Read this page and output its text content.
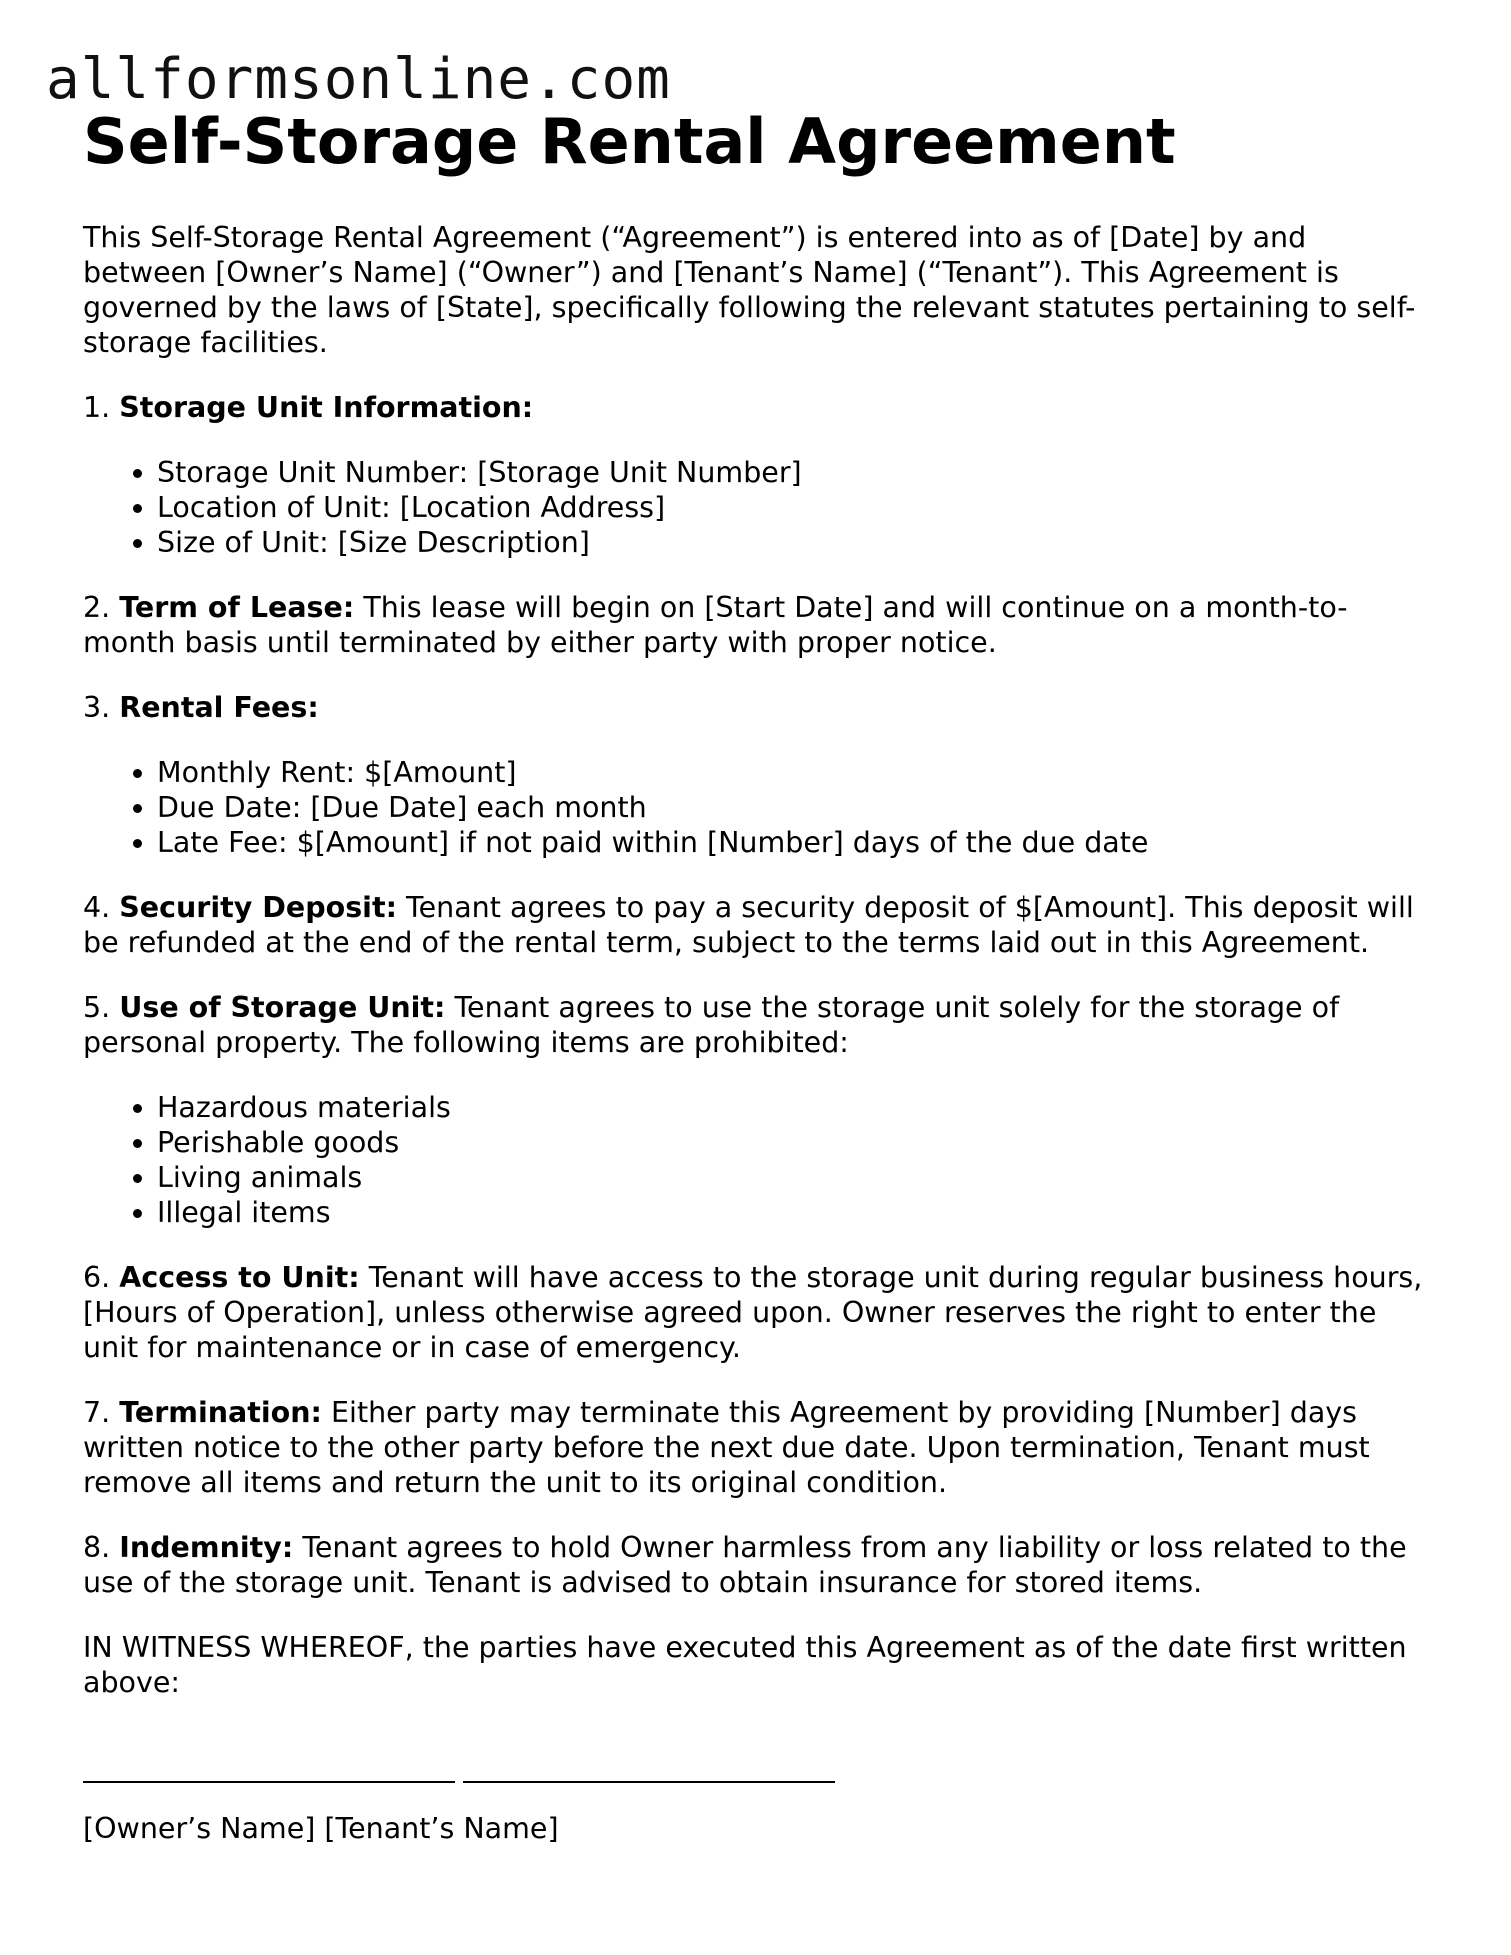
allformsonline.com
Self-Storage Rental Agreement

This Self-Storage Rental Agreement (“Agreement”) is entered into as of [Date] by and between [Owner’s Name] (“Owner”) and [Tenant’s Name] (“Tenant”). This Agreement is governed by the laws of [State], specifically following the relevant statutes pertaining to self-storage facilities.

1. Storage Unit Information:

• Storage Unit Number: [Storage Unit Number]
• Location of Unit: [Location Address]
• Size of Unit: [Size Description]

2. Term of Lease: This lease will begin on [Start Date] and will continue on a month-to-month basis until terminated by either party with proper notice.

3. Rental Fees:

• Monthly Rent: $[Amount]
• Due Date: [Due Date] each month
• Late Fee: $[Amount] if not paid within [Number] days of the due date

4. Security Deposit: Tenant agrees to pay a security deposit of $[Amount]. This deposit will be refunded at the end of the rental term, subject to the terms laid out in this Agreement.

5. Use of Storage Unit: Tenant agrees to use the storage unit solely for the storage of personal property. The following items are prohibited:

• Hazardous materials
• Perishable goods
• Living animals
• Illegal items

6. Access to Unit: Tenant will have access to the storage unit during regular business hours, [Hours of Operation], unless otherwise agreed upon. Owner reserves the right to enter the unit for maintenance or in case of emergency.

7. Termination: Either party may terminate this Agreement by providing [Number] days written notice to the other party before the next due date. Upon termination, Tenant must remove all items and return the unit to its original condition.

8. Indemnity: Tenant agrees to hold Owner harmless from any liability or loss related to the use of the storage unit. Tenant is advised to obtain insurance for stored items.

IN WITNESS WHEREOF, the parties have executed this Agreement as of the date first written above:

[Owner’s Name] [Tenant’s Name]
